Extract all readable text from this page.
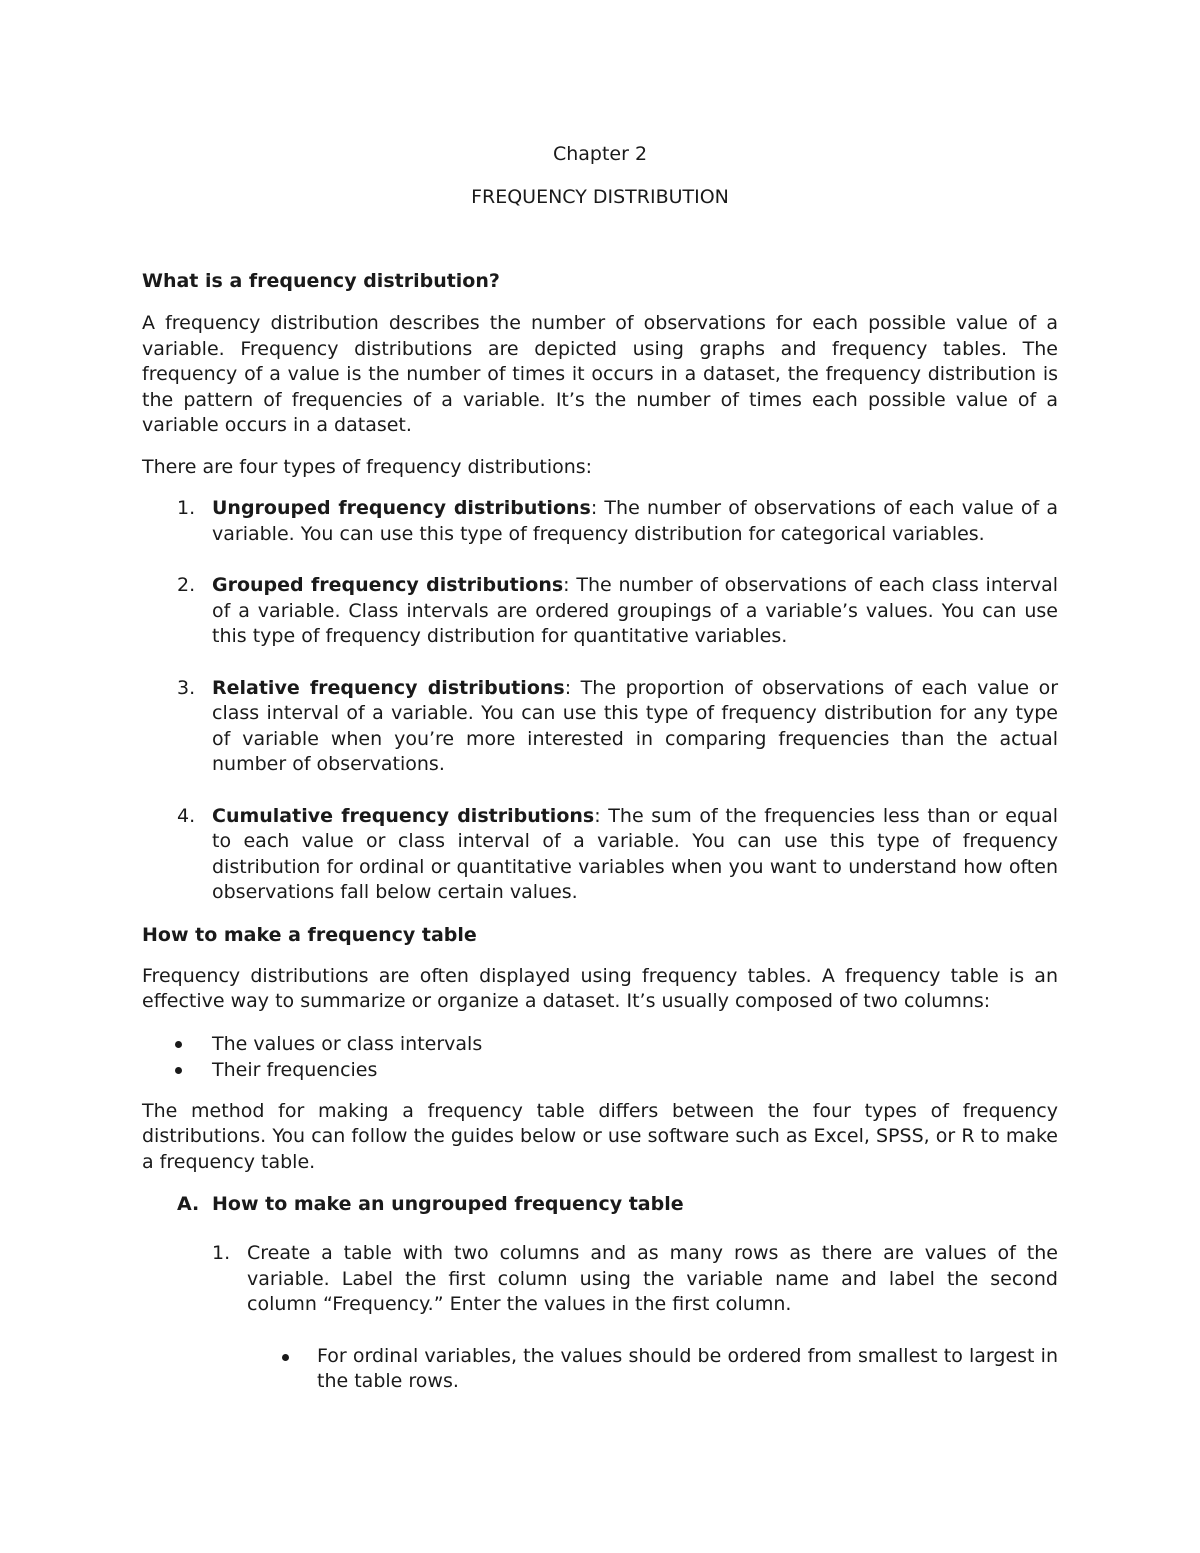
Chapter 2

FREQUENCY DISTRIBUTION

What is a frequency distribution?

A frequency distribution describes the number of observations for each possible value of a variable. Frequency distributions are depicted using graphs and frequency tables. The frequency of a value is the number of times it occurs in a dataset, the frequency distribution is the pattern of frequencies of a variable. It’s the number of times each possible value of a variable occurs in a dataset.

There are four types of frequency distributions:

1. Ungrouped frequency distributions: The number of observations of each value of a variable. You can use this type of frequency distribution for categorical variables.
2. Grouped frequency distributions: The number of observations of each class interval of a variable. Class intervals are ordered groupings of a variable’s values. You can use this type of frequency distribution for quantitative variables.
3. Relative frequency distributions: The proportion of observations of each value or class interval of a variable. You can use this type of frequency distribution for any type of variable when you’re more interested in comparing frequencies than the actual number of observations.
4. Cumulative frequency distributions: The sum of the frequencies less than or equal to each value or class interval of a variable. You can use this type of frequency distribution for ordinal or quantitative variables when you want to understand how often observations fall below certain values.
How to make a frequency table

Frequency distributions are often displayed using frequency tables. A frequency table is an effective way to summarize or organize a dataset. It’s usually composed of two columns:

The values or class intervals
Their frequencies

The method for making a frequency table differs between the four types of frequency distributions. You can follow the guides below or use software such as Excel, SPSS, or R to make a frequency table.

A. How to make an ungrouped frequency table

1. Create a table with two columns and as many rows as there are values of the variable. Label the first column using the variable name and label the second column “Frequency.” Enter the values in the first column.

For ordinal variables, the values should be ordered from smallest to largest in the table rows.
